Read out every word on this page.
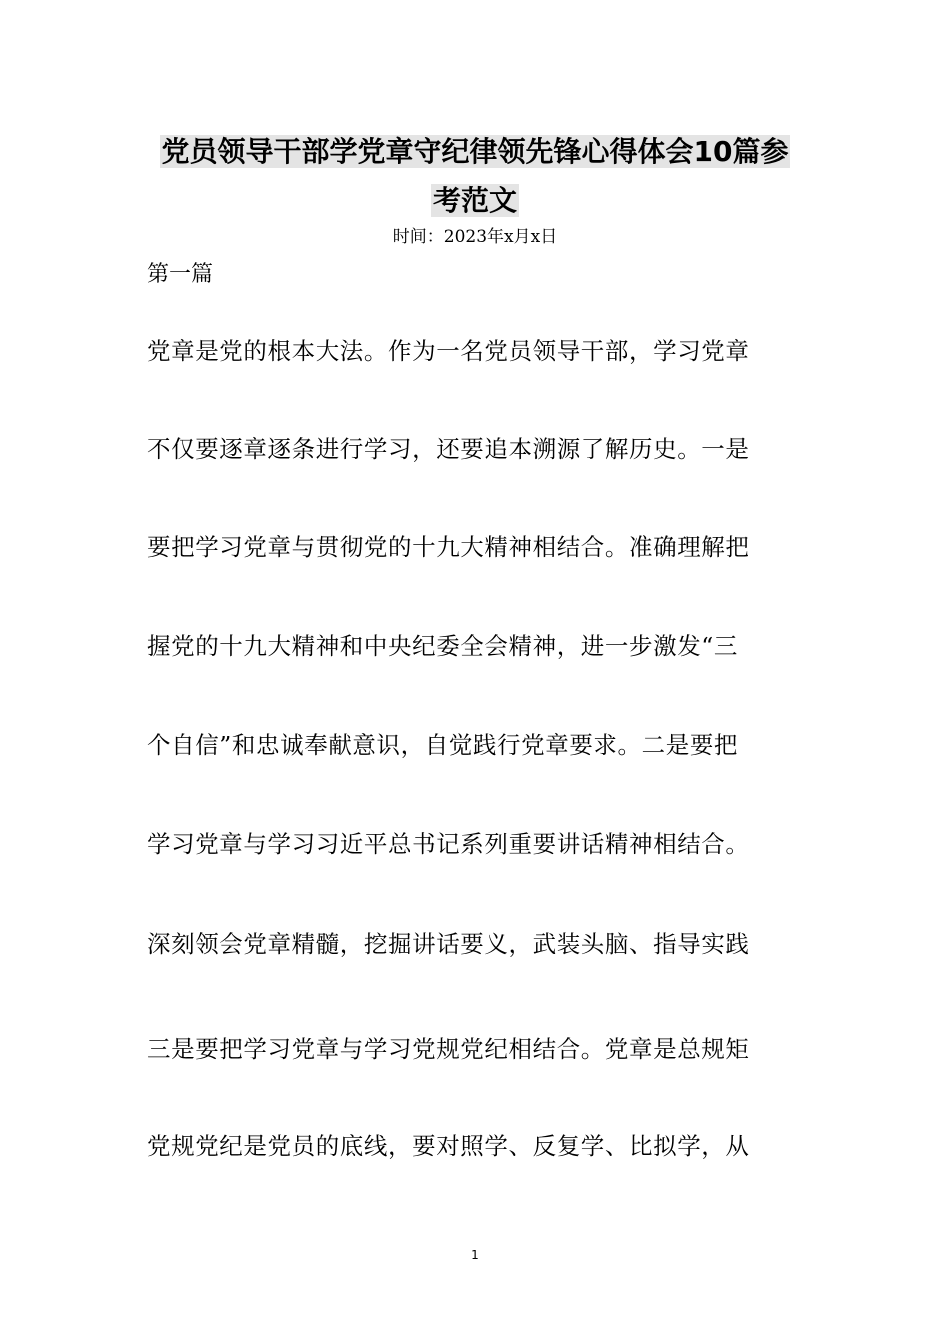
党员领导干部学党章守纪律领先锋心得体会10篇参
考范文
时间：2023年x月x日
第一篇
党章是党的根本大法。作为一名党员领导干部，学习党章
不仅要逐章逐条进行学习，还要追本溯源了解历史。一是
要把学习党章与贯彻党的十九大精神相结合。准确理解把
握党的十九大精神和中央纪委全会精神，进一步激发“三
个自信”和忠诚奉献意识，自觉践行党章要求。二是要把
学习党章与学习习近平总书记系列重要讲话精神相结合。
深刻领会党章精髓，挖掘讲话要义，武装头脑、指导实践
三是要把学习党章与学习党规党纪相结合。党章是总规矩
党规党纪是党员的底线，要对照学、反复学、比拟学，从
1
